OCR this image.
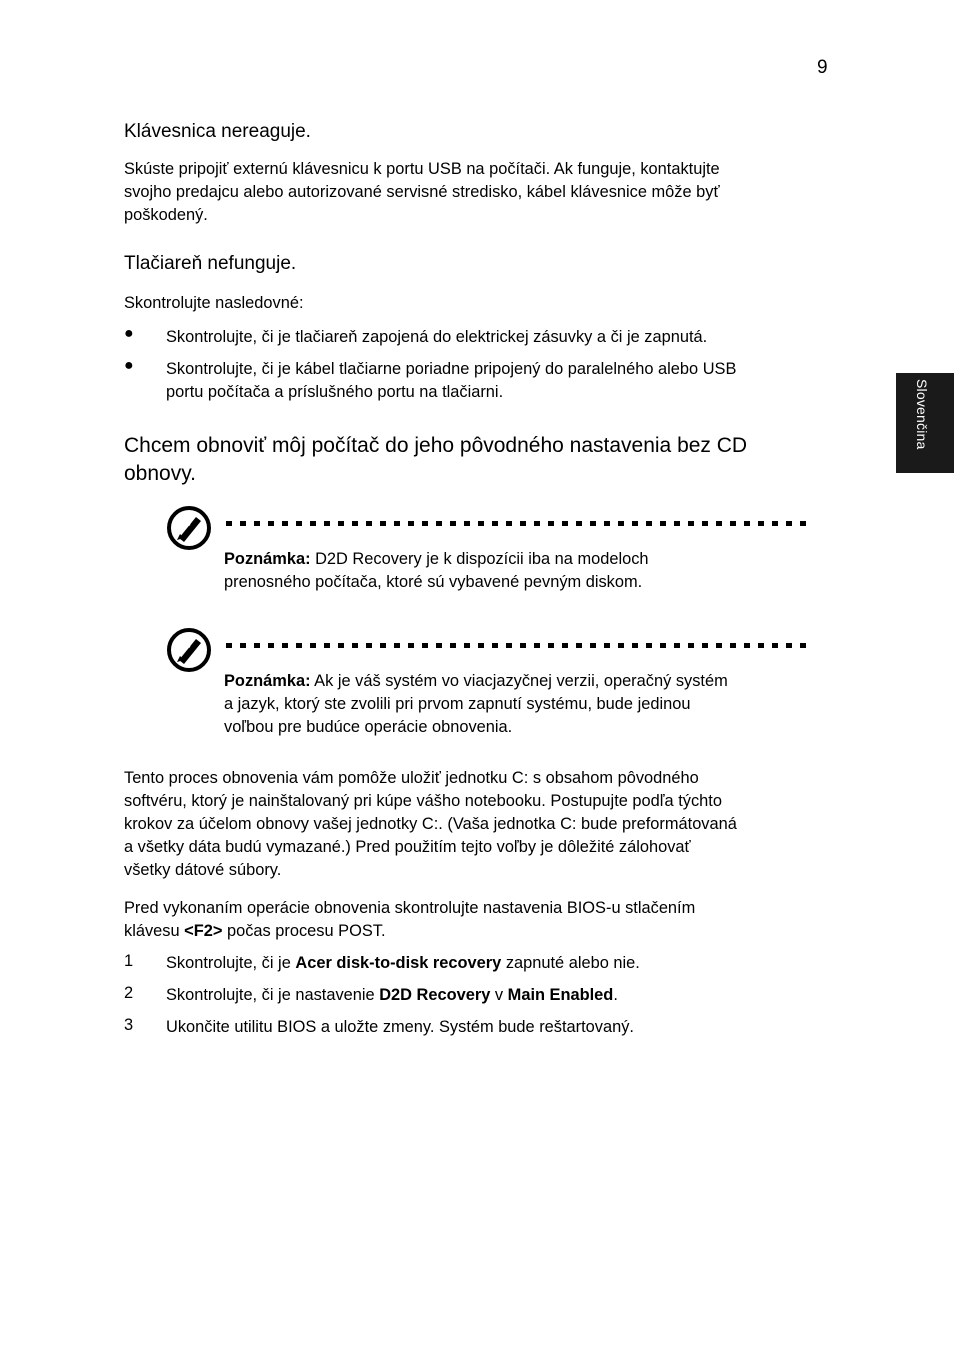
9
Slovenčina
Klávesnica nereaguje.
Skúste pripojiť externú klávesnicu k portu USB na počítači. Ak funguje, kontaktujte
svojho predajcu alebo autorizované servisné stredisko, kábel klávesnice môže byť
poškodený.
Tlačiareň nefunguje.
Skontrolujte nasledovné:
● Skontrolujte, či je tlačiareň zapojená do elektrickej zásuvky a či je zapnutá.
● Skontrolujte, či je kábel tlačiarne poriadne pripojený do paralelného alebo USB
portu počítača a príslušného portu na tlačiarni.
Chcem obnoviť môj počítač do jeho pôvodného nastavenia bez CD
obnovy.
Poznámka: D2D Recovery je k dispozícii iba na modeloch
prenosného počítača, ktoré sú vybavené pevným diskom.
Poznámka: Ak je váš systém vo viacjazyčnej verzii, operačný systém
a jazyk, ktorý ste zvolili pri prvom zapnutí systému, bude jedinou
voľbou pre budúce operácie obnovenia.
Tento proces obnovenia vám pomôže uložiť jednotku C: s obsahom pôvodného
softvéru, ktorý je nainštalovaný pri kúpe vášho notebooku. Postupujte podľa týchto
krokov za účelom obnovy vašej jednotky C:. (Vaša jednotka C: bude preformátovaná
a všetky dáta budú vymazané.) Pred použitím tejto voľby je dôležité zálohovať
všetky dátové súbory.
Pred vykonaním operácie obnovenia skontrolujte nastavenia BIOS-u stlačením
klávesu <F2> počas procesu POST.
1 Skontrolujte, či je Acer disk-to-disk recovery zapnuté alebo nie.
2 Skontrolujte, či je nastavenie D2D Recovery v Main Enabled.
3 Ukončite utilitu BIOS a uložte zmeny. Systém bude reštartovaný.
